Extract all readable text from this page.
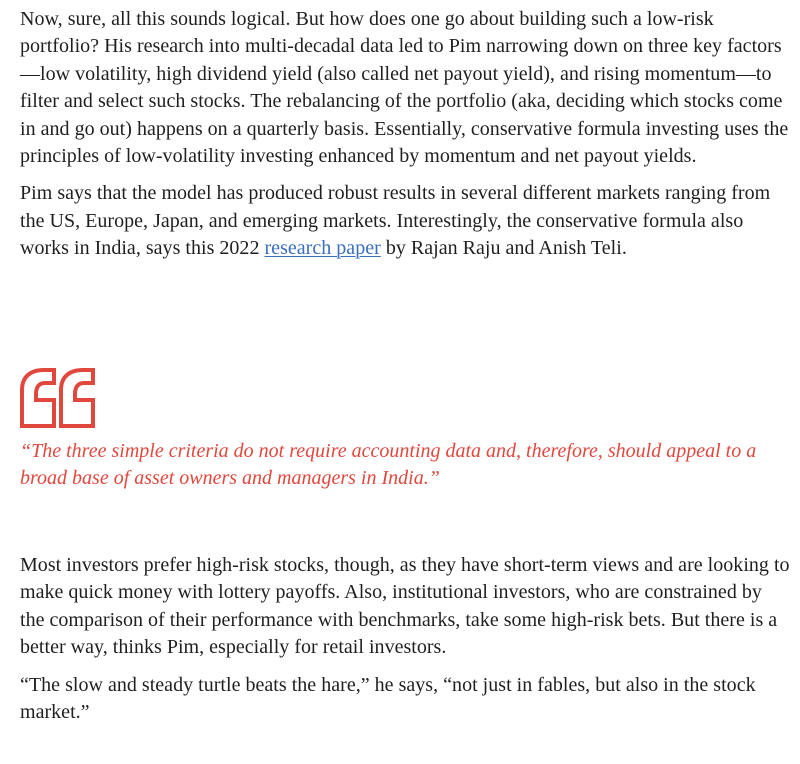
Now, sure, all this sounds logical. But how does one go about building such a low-risk portfolio? His research into multi-decadal data led to Pim narrowing down on three key factors—low volatility, high dividend yield (also called net payout yield), and rising momentum—to filter and select such stocks. The rebalancing of the portfolio (aka, deciding which stocks come in and go out) happens on a quarterly basis. Essentially, conservative formula investing uses the principles of low-volatility investing enhanced by momentum and net payout yields.

Pim says that the model has produced robust results in several different markets ranging from the US, Europe, Japan, and emerging markets. Interestingly, the conservative formula also works in India, says this 2022 research paper by Rajan Raju and Anish Teli.

“The three simple criteria do not require accounting data and, therefore, should appeal to a broad base of asset owners and managers in India.”

Most investors prefer high-risk stocks, though, as they have short-term views and are looking to make quick money with lottery payoffs. Also, institutional investors, who are constrained by the comparison of their performance with benchmarks, take some high-risk bets. But there is a better way, thinks Pim, especially for retail investors.

“The slow and steady turtle beats the hare,” he says, “not just in fables, but also in the stock market.”
